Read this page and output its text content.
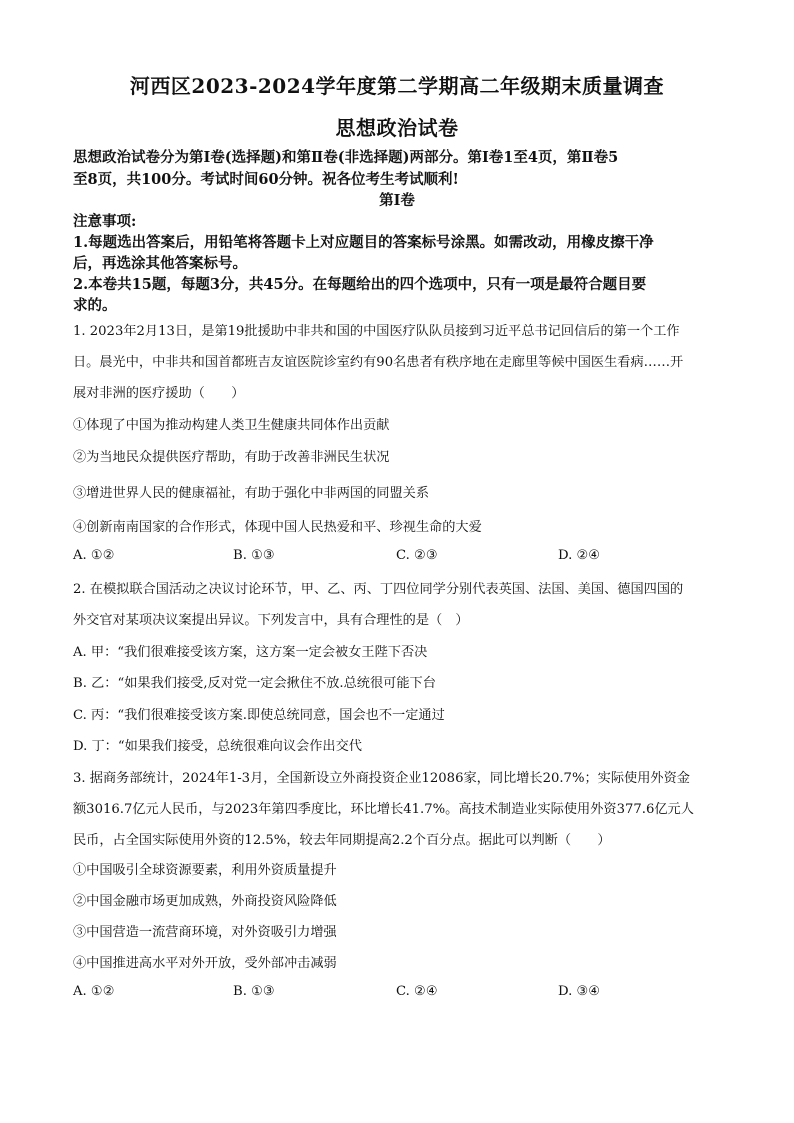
河西区2023-2024学年度第二学期高二年级期末质量调查
思想政治试卷
思想政治试卷分为第Ⅰ卷(选择题)和第Ⅱ卷(非选择题)两部分。第Ⅰ卷1至4页，第Ⅱ卷5
至8页，共100分。考试时间60分钟。祝各位考生考试顺利!
第Ⅰ卷
注意事项:
1.每题选出答案后，用铅笔将答题卡上对应题目的答案标号涂黑。如需改动，用橡皮擦干净
后，再选涂其他答案标号。
2.本卷共15题，每题3分，共45分。在每题给出的四个选项中，只有一项是最符合题目要
求的。
1. 2023年2月13日，是第19批援助中非共和国的中国医疗队队员接到习近平总书记回信后的第一个工作
日。晨光中，中非共和国首都班吉友谊医院诊室约有90名患者有秩序地在走廊里等候中国医生看病……开
展对非洲的医疗援助（　　）
①体现了中国为推动构建人类卫生健康共同体作出贡献
②为当地民众提供医疗帮助，有助于改善非洲民生状况
③增进世界人民的健康福祉，有助于强化中非两国的同盟关系
④创新南南国家的合作形式，体现中国人民热爱和平、珍视生命的大爱
A. ①②	B. ①③	C. ②③	D. ②④
2. 在模拟联合国活动之决议讨论环节，甲、乙、丙、丁四位同学分别代表英国、法国、美国、德国四国的
外交官对某项决议案提出异议。下列发言中，具有合理性的是（　）
A. 甲：“我们很难接受该方案，这方案一定会被女王陛下否决
B. 乙：“如果我们接受,反对党一定会揪住不放.总统很可能下台
C. 丙：“我们很难接受该方案.即使总统同意，国会也不一定通过
D. 丁：“如果我们接受，总统很难向议会作出交代
3. 据商务部统计，2024年1-3月，全国新设立外商投资企业12086家，同比增长20.7%；实际使用外资金
额3016.7亿元人民币，与2023年第四季度比，环比增长41.7%。高技术制造业实际使用外资377.6亿元人
民币，占全国实际使用外资的12.5%，较去年同期提高2.2个百分点。据此可以判断（　　）
①中国吸引全球资源要素，利用外资质量提升
②中国金融市场更加成熟，外商投资风险降低
③中国营造一流营商环境，对外资吸引力增强
④中国推进高水平对外开放，受外部冲击减弱
A. ①②	B. ①③	C. ②④	D. ③④
